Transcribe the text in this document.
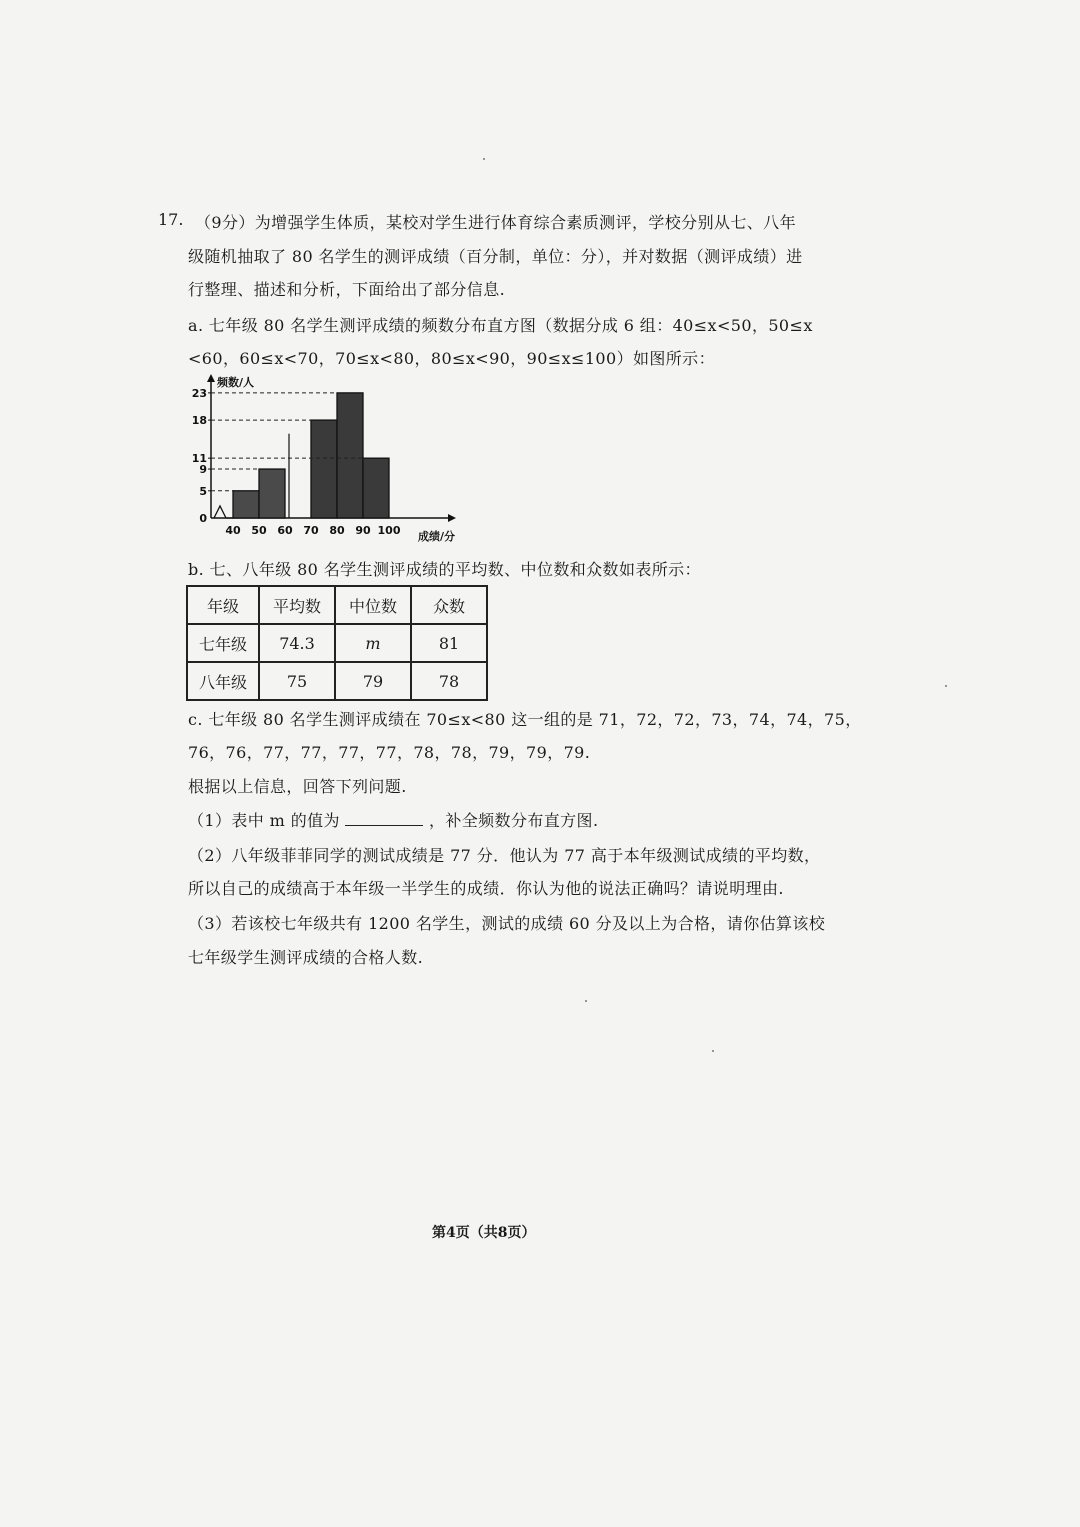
17. （9分）为增强学生体质，某校对学生进行体育综合素质测评，学校分别从七、八年
级随机抽取了 80 名学生的测评成绩（百分制，单位：分），并对数据（测评成绩）进
行整理、描述和分析，下面给出了部分信息.
a. 七年级 80 名学生测评成绩的频数分布直方图（数据分成 6 组：40≤x<50，50≤x
<60，60≤x<70，70≤x<80，80≤x<90，90≤x≤100）如图所示：
0
5
9
11
18
23
40 50 60 70 80 90 100
频数/人
成绩/分
b. 七、八年级 80 名学生测评成绩的平均数、中位数和众数如表所示：
年级	平均数	中位数	众数
七年级	74.3	m	81
八年级	75	79	78
c. 七年级 80 名学生测评成绩在 70≤x<80 这一组的是 71，72，72，73，74，74，75，
76，76，77，77，77，77，78，78，79，79，79.
根据以上信息，回答下列问题.
（1）表中 m 的值为	，补全频数分布直方图.
（2）八年级菲菲同学的测试成绩是 77 分．他认为 77 高于本年级测试成绩的平均数，
所以自己的成绩高于本年级一半学生的成绩．你认为他的说法正确吗？请说明理由.
（3）若该校七年级共有 1200 名学生，测试的成绩 60 分及以上为合格，请你估算该校
七年级学生测评成绩的合格人数.
第4页（共8页）
